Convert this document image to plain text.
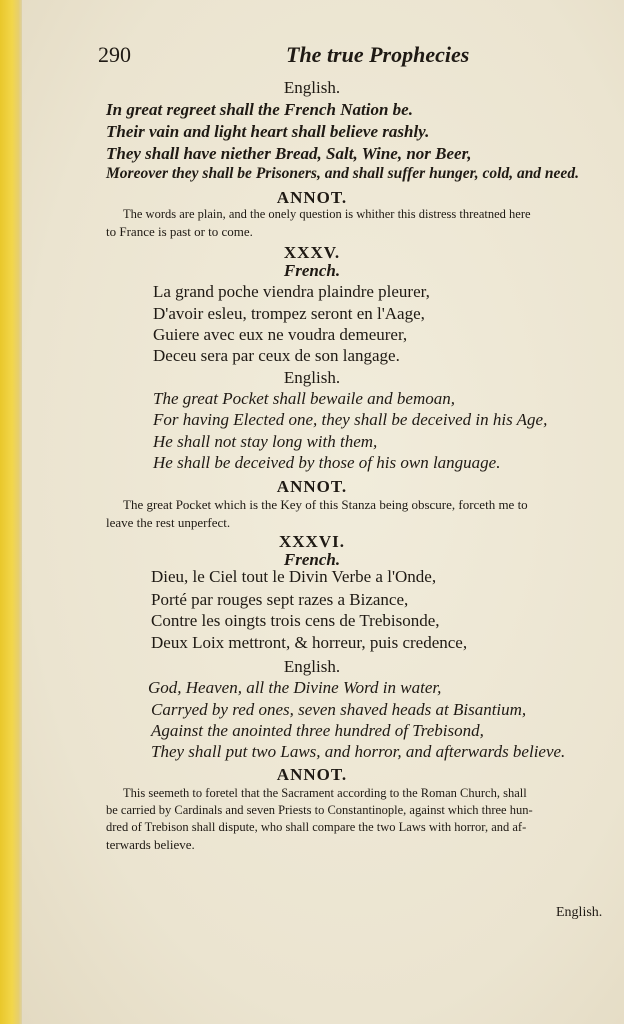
290	The true Prophecies

English.

In great regreet shall the French Nation be.

Their vain and light heart shall believe rashly.

They shall have niether Bread, Salt, Wine, nor Beer,

Moreover they shall be Prisoners, and shall suffer hunger, cold, and need.

ANNOT.

The words are plain, and the onely question is whither this distress threatned here

to France is past or to come.

XXXV.

French.

La grand poche viendra plaindre pleurer,

D'avoir esleu, trompez seront en l'Aage,

Guiere avec eux ne voudra demeurer,

Deceu sera par ceux de son langage.

English.

The great Pocket shall bewaile and bemoan,

For having Elected one, they shall be deceived in his Age,

He shall not stay long with them,

He shall be deceived by those of his own language.

ANNOT.

The great Pocket which is the Key of this Stanza being obscure, forceth me to

leave the rest unperfect.

XXXVI.

French.

Dieu, le Ciel tout le Divin Verbe a l'Onde,

Porté par rouges sept razes a Bizance,

Contre les oingts trois cens de Trebisonde,

Deux Loix mettront, & horreur, puis credence,

English.

God, Heaven, all the Divine Word in water,

Carryed by red ones, seven shaved heads at Bisantium,

Against the anointed three hundred of Trebisond,

They shall put two Laws, and horror, and afterwards believe.

ANNOT.

This seemeth to foretel that the Sacrament according to the Roman Church, shall

be carried by Cardinals and seven Priests to Constantinople, against which three hun-

dred of Trebison shall dispute, who shall compare the two Laws with horror, and af-

terwards believe.

English.
